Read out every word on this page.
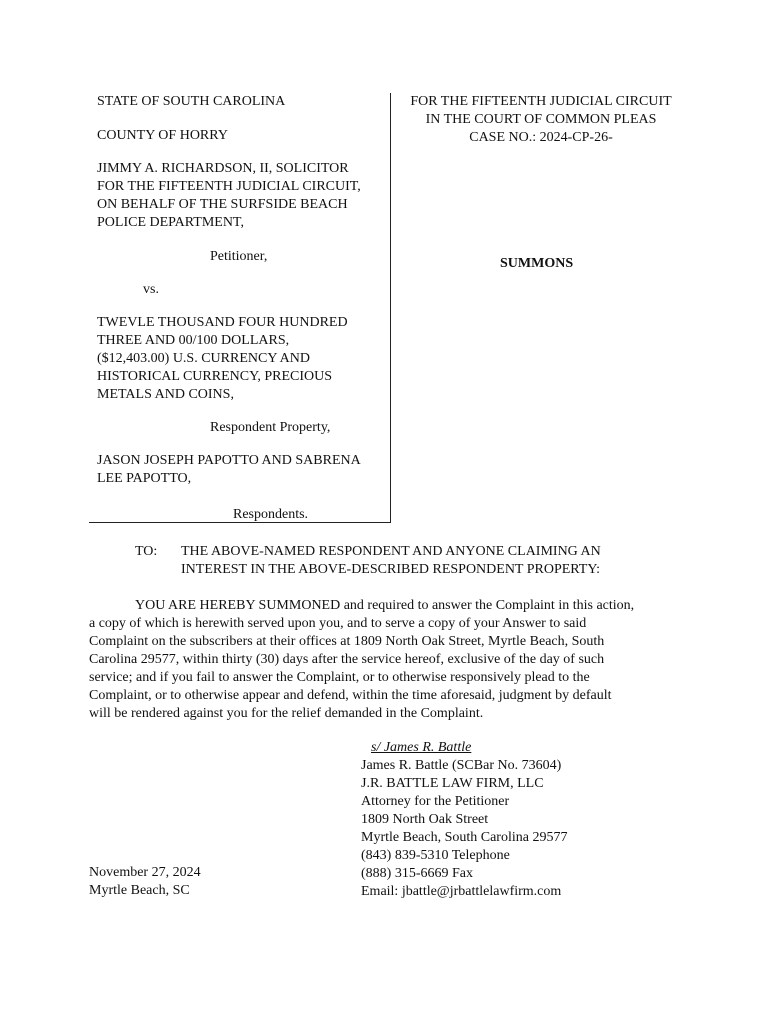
STATE OF SOUTH CAROLINA
COUNTY OF HORRY
JIMMY A. RICHARDSON, II, SOLICITOR
FOR THE FIFTEENTH JUDICIAL CIRCUIT,
ON BEHALF OF THE SURFSIDE BEACH
POLICE DEPARTMENT,
Petitioner,
vs.
TWEVLE THOUSAND FOUR HUNDRED
THREE AND 00/100 DOLLARS,
($12,403.00) U.S. CURRENCY AND
HISTORICAL CURRENCY, PRECIOUS
METALS AND COINS,
Respondent Property,
JASON JOSEPH PAPOTTO AND SABRENA
LEE PAPOTTO,
Respondents.
FOR THE FIFTEENTH JUDICIAL CIRCUIT
IN THE COURT OF COMMON PLEAS
CASE NO.: 2024-CP-26-
SUMMONS
TO: THE ABOVE-NAMED RESPONDENT AND ANYONE CLAIMING AN
INTEREST IN THE ABOVE-DESCRIBED RESPONDENT PROPERTY:
YOU ARE HEREBY SUMMONED and required to answer the Complaint in this action,
a copy of which is herewith served upon you, and to serve a copy of your Answer to said
Complaint on the subscribers at their offices at 1809 North Oak Street, Myrtle Beach, South
Carolina 29577, within thirty (30) days after the service hereof, exclusive of the day of such
service; and if you fail to answer the Complaint, or to otherwise responsively plead to the
Complaint, or to otherwise appear and defend, within the time aforesaid, judgment by default
will be rendered against you for the relief demanded in the Complaint.
s/ James R. Battle
James R. Battle (SCBar No. 73604)
J.R. BATTLE LAW FIRM, LLC
Attorney for the Petitioner
1809 North Oak Street
Myrtle Beach, South Carolina 29577
(843) 839-5310 Telephone
(888) 315-6669 Fax
Email: jbattle@jrbattlelawfirm.com
November 27, 2024
Myrtle Beach, SC
